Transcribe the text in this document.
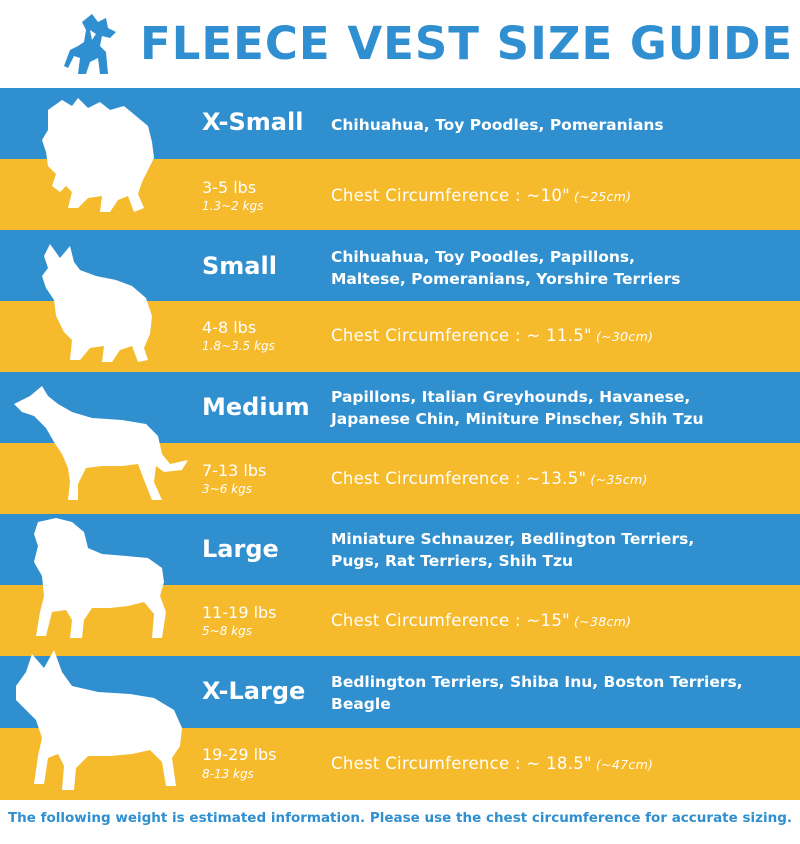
FLEECE VEST SIZE GUIDE
X-Small Chihuahua, Toy Poodles, Pomeranians
3-5 lbs
1.3~2 kgs
Chest Circumference : ~10" (~25cm)
Small	Chihuahua, Toy Poodles, Papillons,
Maltese, Pomeranians, Yorshire Terriers
4-8 lbs
1.8~3.5 kgs
Chest Circumference : ~ 11.5" (~30cm)
Medium Papillons, Italian Greyhounds, Havanese,
Japanese Chin, Miniture Pinscher, Shih Tzu
7-13 lbs
3~6 kgs
Chest Circumference : ~13.5" (~35cm)
Large	Miniature Schnauzer, Bedlington Terriers,
Pugs, Rat Terriers, Shih Tzu
11-19 lbs
5~8 kgs
Chest Circumference : ~15" (~38cm)
X-Large Bedlington Terriers, Shiba Inu, Boston Terriers,
Beagle
19-29 lbs
8-13 kgs
Chest Circumference : ~ 18.5" (~47cm)
The following weight is estimated information. Please use the chest circumference for accurate sizing.
